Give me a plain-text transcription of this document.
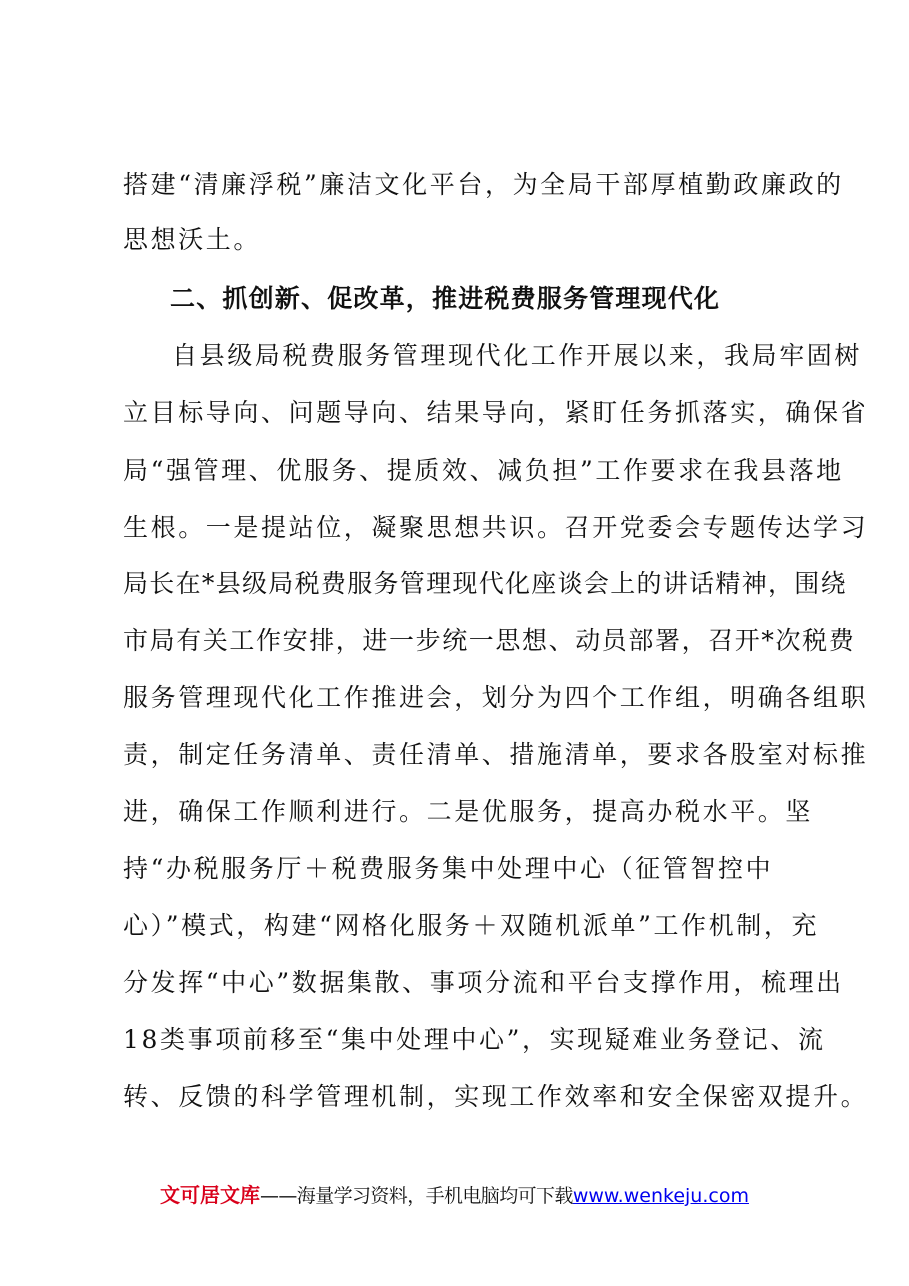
搭建“清廉浮税”廉洁文化平台，为全局干部厚植勤政廉政的
思想沃土。
二、抓创新、促改革，推进税费服务管理现代化
自县级局税费服务管理现代化工作开展以来，我局牢固树
立目标导向、问题导向、结果导向，紧盯任务抓落实，确保省
局“强管理、优服务、提质效、减负担”工作要求在我县落地
生根。一是提站位，凝聚思想共识。召开党委会专题传达学习
局长在*县级局税费服务管理现代化座谈会上的讲话精神，围绕
市局有关工作安排，进一步统一思想、动员部署，召开*次税费
服务管理现代化工作推进会，划分为四个工作组，明确各组职
责，制定任务清单、责任清单、措施清单，要求各股室对标推
进，确保工作顺利进行。二是优服务，提高办税水平。坚
持“办税服务厅＋税费服务集中处理中心（征管智控中
心）”模式，构建“网格化服务＋双随机派单”工作机制，充
分发挥“中心”数据集散、事项分流和平台支撑作用，梳理出
18类事项前移至“集中处理中心”，实现疑难业务登记、流
转、反馈的科学管理机制，实现工作效率和安全保密双提升。
文可居文库——海量学习资料，手机电脑均可下载www.wenkeju.com
